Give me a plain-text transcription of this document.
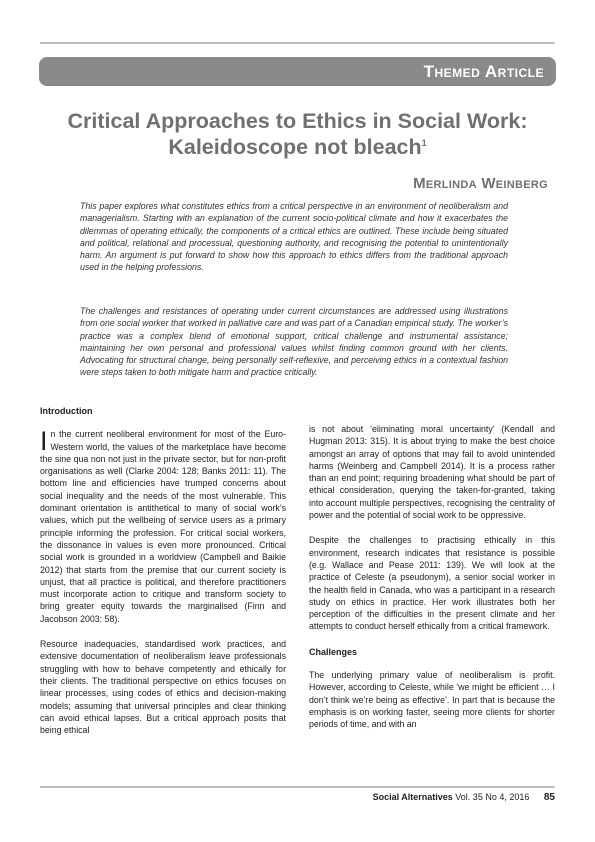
Themed Article
Critical Approaches to Ethics in Social Work:
Kaleidoscope not bleach$^1$
Merlinda Weinberg

This paper explores what constitutes ethics from a critical perspective in an environment of neoliberalism and managerialism. Starting with an explanation of the current socio-political climate and how it exacerbates the dilemmas of operating ethically, the components of a critical ethics are outlined. These include being situated and political, relational and processual, questioning authority, and recognising the potential to unintentionally harm. An argument is put forward to show how this approach to ethics differs from the traditional approach used in the helping professions.

The challenges and resistances of operating under current circumstances are addressed using illustrations from one social worker that worked in palliative care and was part of a Canadian empirical study. The worker’s practice was a complex blend of emotional support, critical challenge and instrumental assistance; maintaining her own personal and professional values whilst finding common ground with her clients. Advocating for structural change, being personally self-reflexive, and perceiving ethics in a contextual fashion were steps taken to both mitigate harm and practice critically.

Introduction

In the current neoliberal environment for most of the Euro-Western world, the values of the marketplace have become the sine qua non not just in the private sector, but for non-profit organisations as well (Clarke 2004: 128; Banks 2011: 11). The bottom line and efficiencies have trumped concerns about social inequality and the needs of the most vulnerable. This dominant orientation is antithetical to many of social work’s values, which put the wellbeing of service users as a primary principle informing the profession. For critical social workers, the dissonance in values is even more pronounced. Critical social work is grounded in a worldview (Campbell and Baikie 2012) that starts from the premise that our current society is unjust, that all practice is political, and therefore practitioners must incorporate action to critique and transform society to bring greater equity towards the marginalised (Finn and Jacobson 2003: 58).

Resource inadequacies, standardised work practices, and extensive documentation of neoliberalism leave professionals struggling with how to behave competently and ethically for their clients. The traditional perspective on ethics focuses on linear processes, using codes of ethics and decision-making models; assuming that universal principles and clear thinking can avoid ethical lapses. But a critical approach posits that being ethical

is not about ‘eliminating moral uncertainty’ (Kendall and Hugman 2013: 315). It is about trying to make the best choice amongst an array of options that may fail to avoid unintended harms (Weinberg and Campbell 2014). It is a process rather than an end point; requiring broadening what should be part of ethical consideration, querying the taken-for-granted, taking into account multiple perspectives, recognising the centrality of power and the potential of social work to be oppressive.

Despite the challenges to practising ethically in this environment, research indicates that resistance is possible (e.g. Wallace and Pease 2011: 139). We will look at the practice of Celeste (a pseudonym), a senior social worker in the health field in Canada, who was a participant in a research study on ethics in practice. Her work illustrates both her perception of the difficulties in the present climate and her attempts to conduct herself ethically from a critical framework.

Challenges

The underlying primary value of neoliberalism is profit. However, according to Celeste, while ‘we might be efficient … I don’t think we’re being as effective’. In part that is because the emphasis is on working faster, seeing more clients for shorter periods of time, and with an

Social Alternatives Vol. 35 No 4, 2016 85
